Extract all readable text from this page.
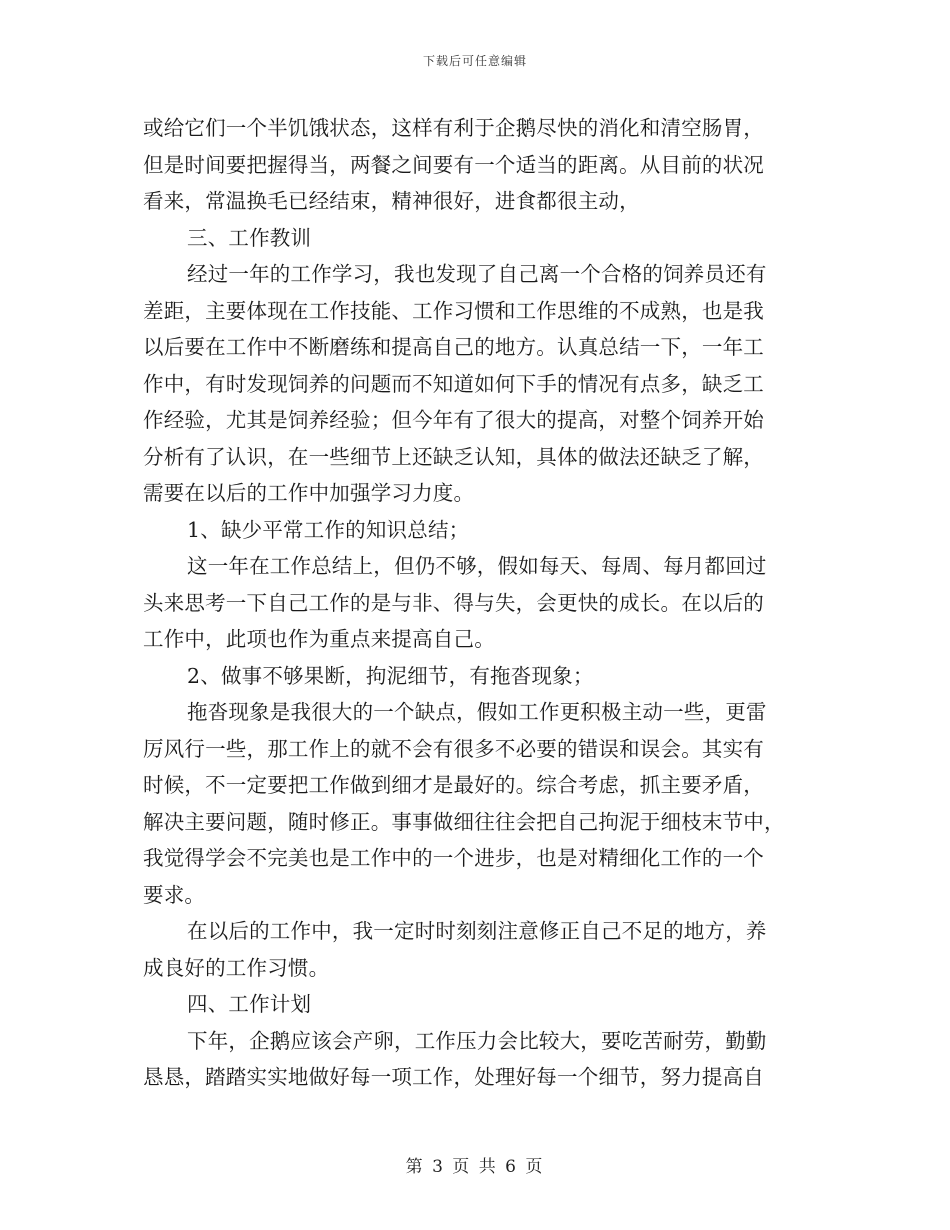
下载后可任意编辑
或给它们一个半饥饿状态，这样有利于企鹅尽快的消化和清空肠胃，
但是时间要把握得当，两餐之间要有一个适当的距离。从目前的状况
看来，常温换毛已经结束，精神很好，进食都很主动，
三、工作教训
经过一年的工作学习，我也发现了自己离一个合格的饲养员还有
差距，主要体现在工作技能、工作习惯和工作思维的不成熟，也是我
以后要在工作中不断磨练和提高自己的地方。认真总结一下，一年工
作中，有时发现饲养的问题而不知道如何下手的情况有点多，缺乏工
作经验，尤其是饲养经验；但今年有了很大的提高，对整个饲养开始
分析有了认识，在一些细节上还缺乏认知，具体的做法还缺乏了解，
需要在以后的工作中加强学习力度。
1、缺少平常工作的知识总结；
这一年在工作总结上，但仍不够，假如每天、每周、每月都回过
头来思考一下自己工作的是与非、得与失，会更快的成长。在以后的
工作中，此项也作为重点来提高自己。
2、做事不够果断，拘泥细节，有拖沓现象；
拖沓现象是我很大的一个缺点，假如工作更积极主动一些，更雷
厉风行一些，那工作上的就不会有很多不必要的错误和误会。其实有
时候，不一定要把工作做到细才是最好的。综合考虑，抓主要矛盾，
解决主要问题，随时修正。事事做细往往会把自己拘泥于细枝末节中，
我觉得学会不完美也是工作中的一个进步，也是对精细化工作的一个
要求。
在以后的工作中，我一定时时刻刻注意修正自己不足的地方，养
成良好的工作习惯。
四、工作计划
下年，企鹅应该会产卵，工作压力会比较大，要吃苦耐劳，勤勤
恳恳，踏踏实实地做好每一项工作，处理好每一个细节，努力提高自
第 3 页 共 6 页
